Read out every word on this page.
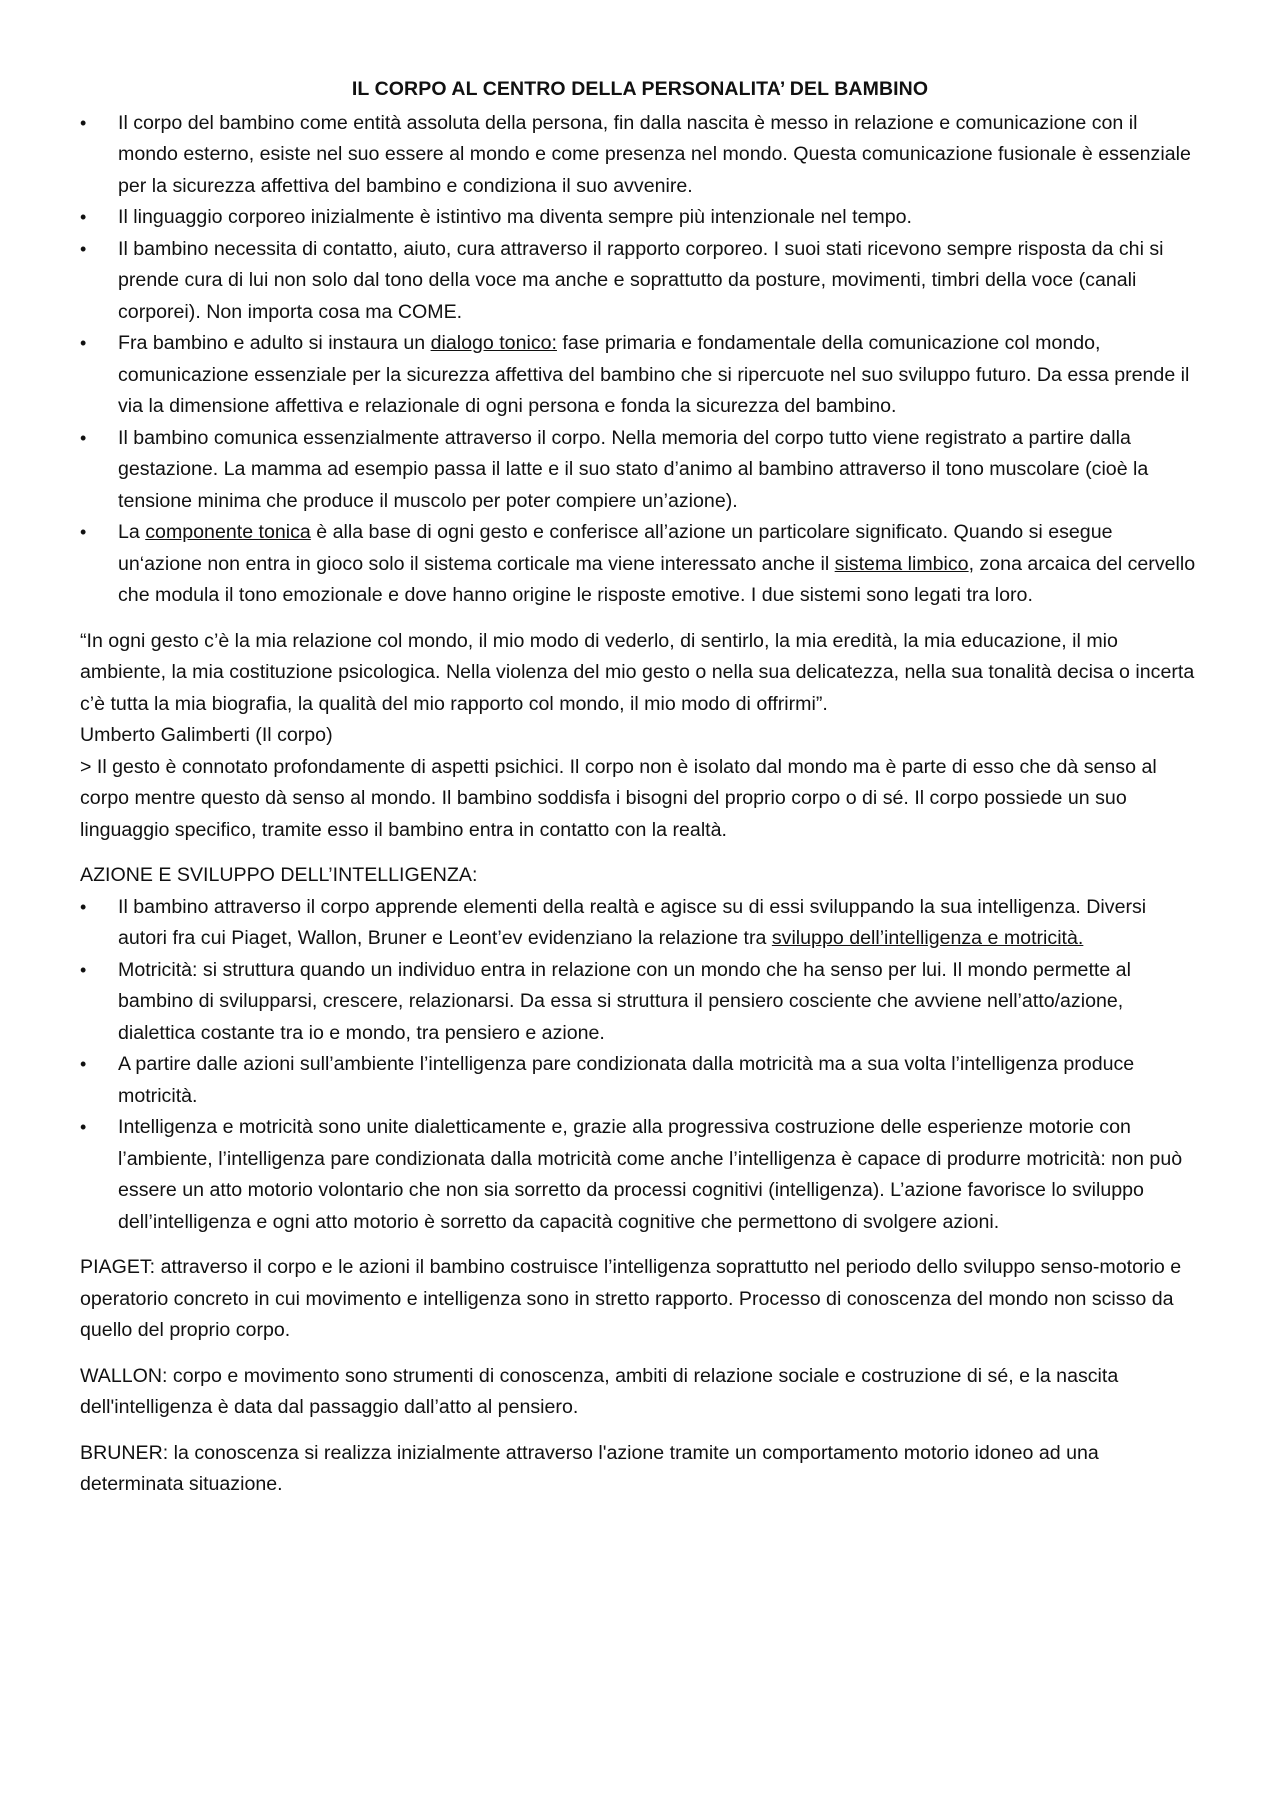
IL CORPO AL CENTRO DELLA PERSONALITA’ DEL BAMBINO
•	Il corpo del bambino come entità assoluta della persona, fin dalla nascita è messo in relazione e comunicazione con il mondo esterno, esiste nel suo essere al mondo e come presenza nel mondo. Questa comunicazione fusionale è essenziale per la sicurezza affettiva del bambino e condiziona il suo avvenire.
•	Il linguaggio corporeo inizialmente è istintivo ma diventa sempre più intenzionale nel tempo.
•	Il bambino necessita di contatto, aiuto, cura attraverso il rapporto corporeo. I suoi stati ricevono sempre risposta da chi si prende cura di lui non solo dal tono della voce ma anche e soprattutto da posture, movimenti, timbri della voce (canali corporei). Non importa cosa ma COME.
•	Fra bambino e adulto si instaura un dialogo tonico: fase primaria e fondamentale della comunicazione col mondo, comunicazione essenziale per la sicurezza affettiva del bambino che si ripercuote nel suo sviluppo futuro. Da essa prende il via la dimensione affettiva e relazionale di ogni persona e fonda la sicurezza del bambino.
•	Il bambino comunica essenzialmente attraverso il corpo. Nella memoria del corpo tutto viene registrato a partire dalla gestazione. La mamma ad esempio passa il latte e il suo stato d’animo al bambino attraverso il tono muscolare (cioè la tensione minima che produce il muscolo per poter compiere un’azione).
•	La componente tonica è alla base di ogni gesto e conferisce all’azione un particolare significato. Quando si esegue un‘azione non entra in gioco solo il sistema corticale ma viene interessato anche il sistema limbico, zona arcaica del cervello che modula il tono emozionale e dove hanno origine le risposte emotive. I due sistemi sono legati tra loro.

“In ogni gesto c’è la mia relazione col mondo, il mio modo di vederlo, di sentirlo, la mia eredità, la mia educazione, il mio ambiente, la mia costituzione psicologica. Nella violenza del mio gesto o nella sua delicatezza, nella sua tonalità decisa o incerta c’è tutta la mia biografia, la qualità del mio rapporto col mondo, il mio modo di offrirmi”.

Umberto Galimberti (Il corpo)

> Il gesto è connotato profondamente di aspetti psichici. Il corpo non è isolato dal mondo ma è parte di esso che dà senso al corpo mentre questo dà senso al mondo. Il bambino soddisfa i bisogni del proprio corpo o di sé. Il corpo possiede un suo linguaggio specifico, tramite esso il bambino entra in contatto con la realtà.

AZIONE E SVILUPPO DELL’INTELLIGENZA:

•	Il bambino attraverso il corpo apprende elementi della realtà e agisce su di essi sviluppando la sua intelligenza. Diversi autori fra cui Piaget, Wallon, Bruner e Leont’ev evidenziano la relazione tra sviluppo dell’intelligenza e motricità.
•	Motricità: si struttura quando un individuo entra in relazione con un mondo che ha senso per lui. Il mondo permette al bambino di svilupparsi, crescere, relazionarsi. Da essa si struttura il pensiero cosciente che avviene nell’atto/azione, dialettica costante tra io e mondo, tra pensiero e azione.
•	A partire dalle azioni sull’ambiente l’intelligenza pare condizionata dalla motricità ma a sua volta l’intelligenza produce motricità.
•	Intelligenza e motricità sono unite dialetticamente e, grazie alla progressiva costruzione delle esperienze motorie con l’ambiente, l’intelligenza pare condizionata dalla motricità come anche l’intelligenza è capace di produrre motricità: non può essere un atto motorio volontario che non sia sorretto da processi cognitivi (intelligenza). L’azione favorisce lo sviluppo dell’intelligenza e ogni atto motorio è sorretto da capacità cognitive che permettono di svolgere azioni.

PIAGET: attraverso il corpo e le azioni il bambino costruisce l’intelligenza soprattutto nel periodo dello sviluppo senso-motorio e operatorio concreto in cui movimento e intelligenza sono in stretto rapporto. Processo di conoscenza del mondo non scisso da quello del proprio corpo.

WALLON: corpo e movimento sono strumenti di conoscenza, ambiti di relazione sociale e costruzione di sé, e la nascita dell'intelligenza è data dal passaggio dall’atto al pensiero.

BRUNER: la conoscenza si realizza inizialmente attraverso l'azione tramite un comportamento motorio idoneo ad una determinata situazione.
